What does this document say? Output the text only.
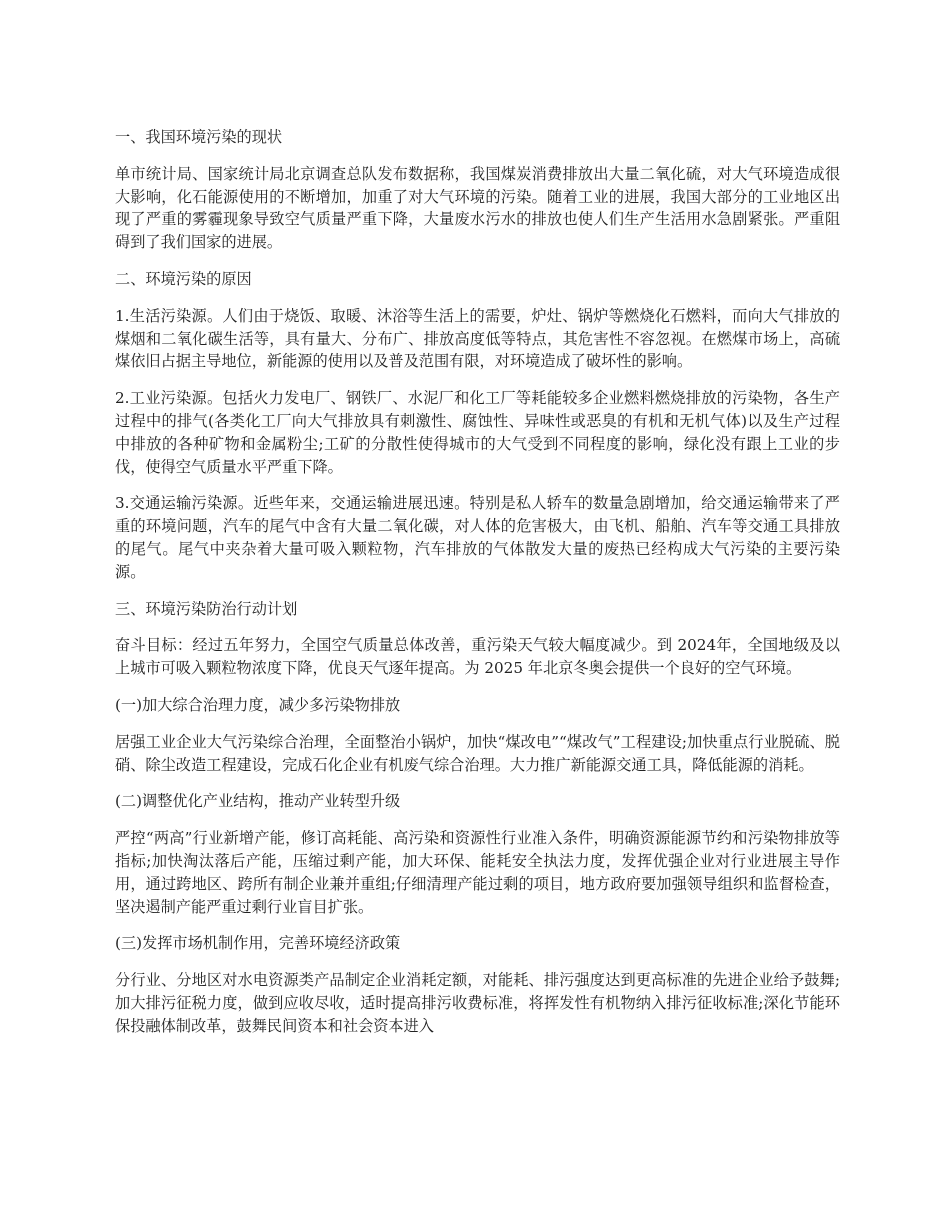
一、我国环境污染的现状
单市统计局、国家统计局北京调查总队发布数据称，我国煤炭消费排放出大量二氧化硫，对大气环境造成很大影响，化石能源使用的不断增加，加重了对大气环境的污染。随着工业的进展，我国大部分的工业地区出现了严重的雾霾现象导致空气质量严重下降，大量废水污水的排放也使人们生产生活用水急剧紧张。严重阻碍到了我们国家的进展。
二、环境污染的原因
1.生活污染源。人们由于烧饭、取暖、沐浴等生活上的需要，炉灶、锅炉等燃烧化石燃料，而向大气排放的煤烟和二氧化碳生活等，具有量大、分布广、排放高度低等特点，其危害性不容忽视。在燃煤市场上，高硫煤依旧占据主导地位，新能源的使用以及普及范围有限，对环境造成了破坏性的影响。
2.工业污染源。包括火力发电厂、钢铁厂、水泥厂和化工厂等耗能较多企业燃料燃烧排放的污染物，各生产过程中的排气(各类化工厂向大气排放具有刺激性、腐蚀性、异味性或恶臭的有机和无机气体)以及生产过程中排放的各种矿物和金属粉尘;工矿的分散性使得城市的大气受到不同程度的影响，绿化没有跟上工业的步伐，使得空气质量水平严重下降。
3.交通运输污染源。近些年来，交通运输进展迅速。特别是私人轿车的数量急剧增加，给交通运输带来了严重的环境问题，汽车的尾气中含有大量二氧化碳，对人体的危害极大，由飞机、船舶、汽车等交通工具排放的尾气。尾气中夹杂着大量可吸入颗粒物，汽车排放的气体散发大量的废热已经构成大气污染的主要污染源。
三、环境污染防治行动计划
奋斗目标：经过五年努力，全国空气质量总体改善，重污染天气较大幅度减少。到 2024年，全国地级及以上城市可吸入颗粒物浓度下降，优良天气逐年提高。为 2025 年北京冬奥会提供一个良好的空气环境。
(一)加大综合治理力度，减少多污染物排放
居强工业企业大气污染综合治理，全面整治小锅炉，加快“煤改电”“煤改气”工程建设;加快重点行业脱硫、脱硝、除尘改造工程建设，完成石化企业有机废气综合治理。大力推广新能源交通工具，降低能源的消耗。
(二)调整优化产业结构，推动产业转型升级
严控“两高”行业新增产能，修订高耗能、高污染和资源性行业准入条件，明确资源能源节约和污染物排放等指标;加快淘汰落后产能，压缩过剩产能，加大环保、能耗安全执法力度，发挥优强企业对行业进展主导作用，通过跨地区、跨所有制企业兼并重组;仔细清理产能过剩的项目，地方政府要加强领导组织和监督检查，坚决遏制产能严重过剩行业盲目扩张。
(三)发挥市场机制作用，完善环境经济政策
分行业、分地区对水电资源类产品制定企业消耗定额，对能耗、排污强度达到更高标准的先进企业给予鼓舞;加大排污征税力度，做到应收尽收，适时提高排污收费标准，将挥发性有机物纳入排污征收标准;深化节能环保投融体制改革，鼓舞民间资本和社会资本进入
